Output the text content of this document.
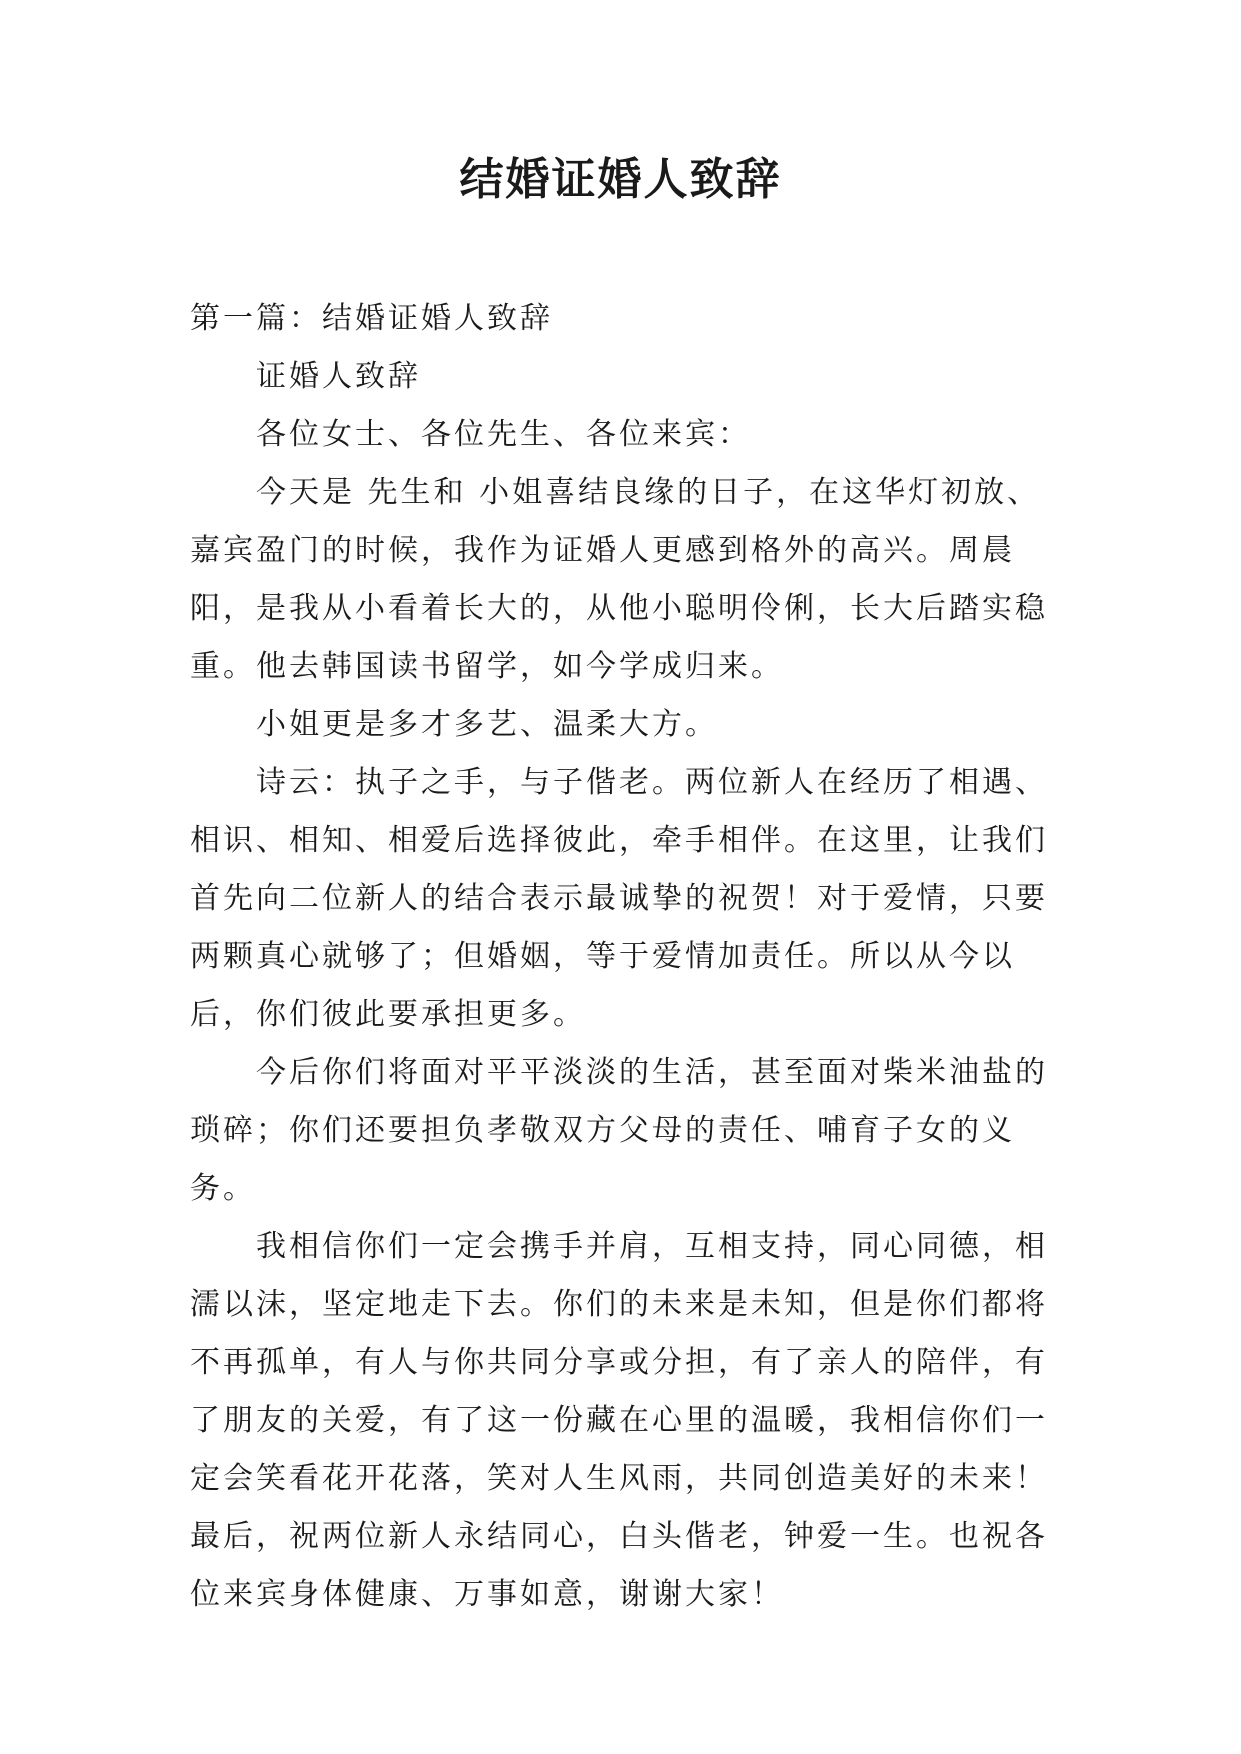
结婚证婚人致辞

第一篇：结婚证婚人致辞

证婚人致辞

各位女士、各位先生、各位来宾：

今天是 先生和 小姐喜结良缘的日子，在这华灯初放、嘉宾盈门的时候，我作为证婚人更感到格外的高兴。周晨阳，是我从小看着长大的，从他小聪明伶俐，长大后踏实稳重。他去韩国读书留学，如今学成归来。

小姐更是多才多艺、温柔大方。

诗云：执子之手，与子偕老。两位新人在经历了相遇、相识、相知、相爱后选择彼此，牵手相伴。在这里，让我们首先向二位新人的结合表示最诚挚的祝贺！对于爱情，只要两颗真心就够了；但婚姻，等于爱情加责任。所以从今以后，你们彼此要承担更多。

今后你们将面对平平淡淡的生活，甚至面对柴米油盐的琐碎；你们还要担负孝敬双方父母的责任、哺育子女的义务。

我相信你们一定会携手并肩，互相支持，同心同德，相濡以沫，坚定地走下去。你们的未来是未知，但是你们都将不再孤单，有人与你共同分享或分担，有了亲人的陪伴，有了朋友的关爱，有了这一份藏在心里的温暖，我相信你们一定会笑看花开花落，笑对人生风雨，共同创造美好的未来！最后，祝两位新人永结同心，白头偕老，钟爱一生。也祝各位来宾身体健康、万事如意，谢谢大家！
